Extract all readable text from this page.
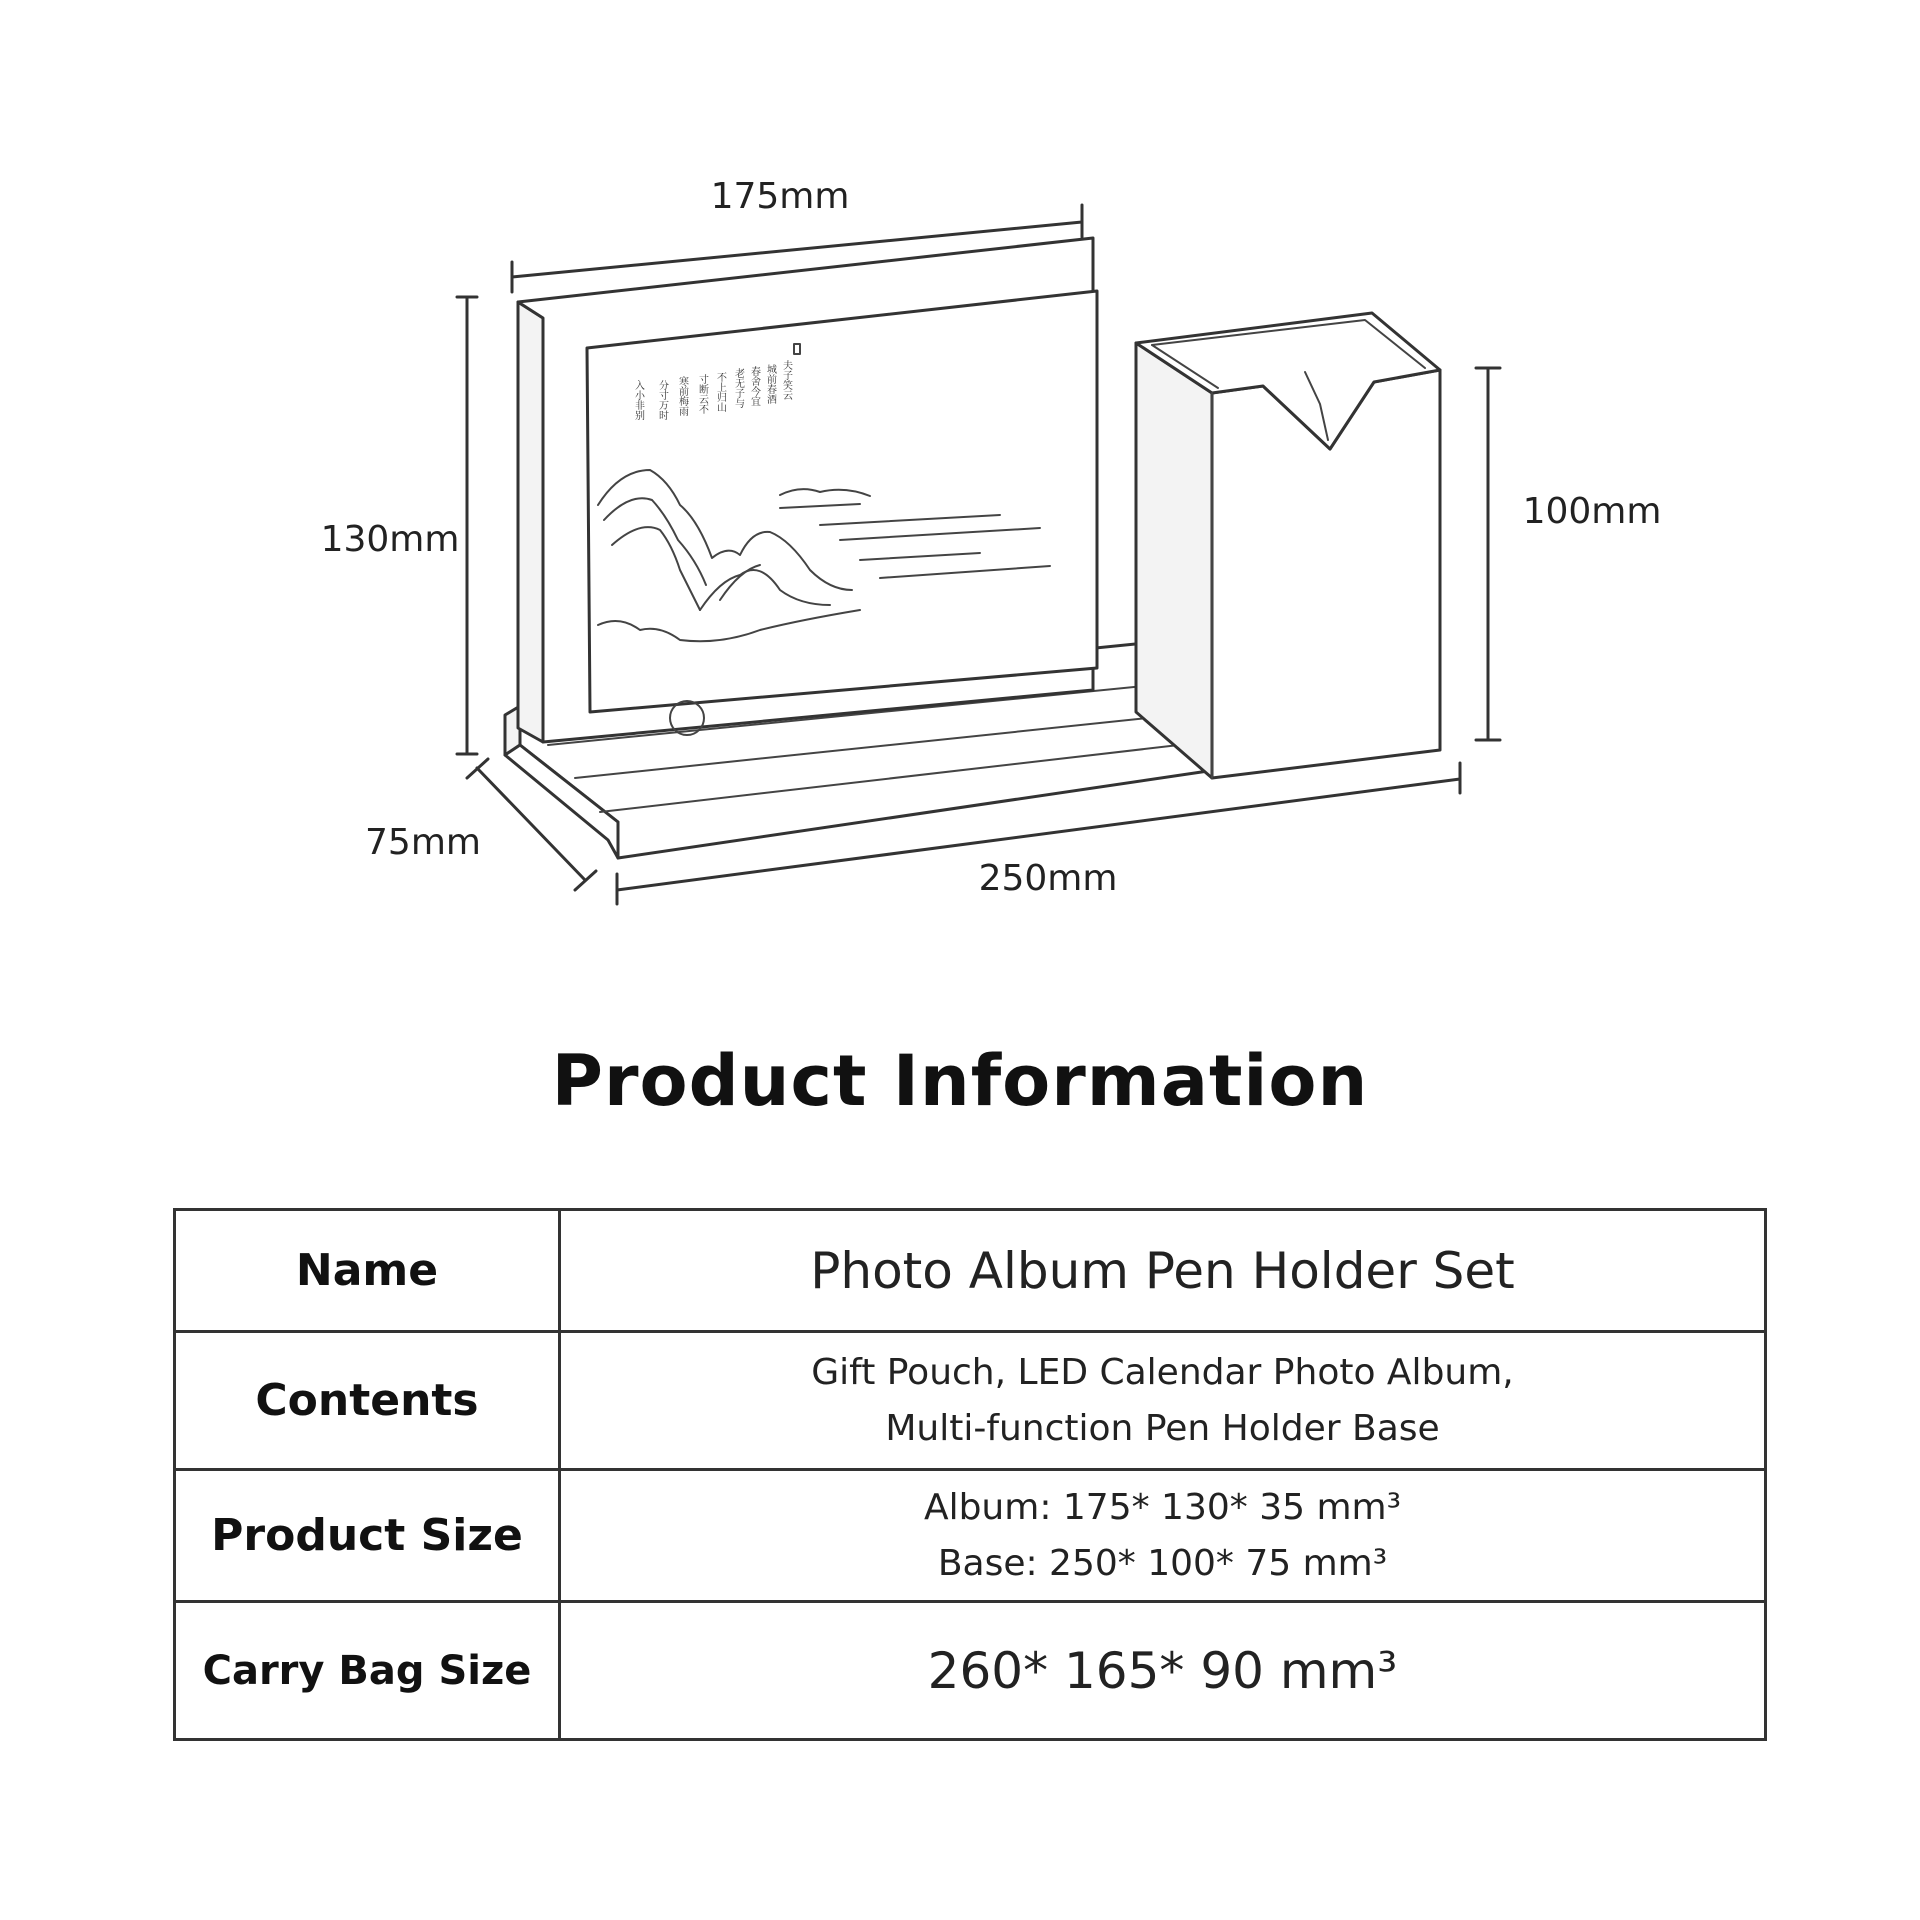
175mm
130mm
100mm
75mm
250mm
夫子笑云
城前春酒
春舍今宜
老无子与
不上归山
寸断云不
寒前梅雨
分寸万时
入小非别
Product Information
Name	Photo Album Pen Holder Set

Contents	Gift Pouch, LED Calendar Photo Album,
Multi-function Pen Holder Base

Product Size	Album: 175* 130* 35 mm³
Base: 250* 100* 75 mm³

Carry Bag Size	260* 165* 90 mm³
